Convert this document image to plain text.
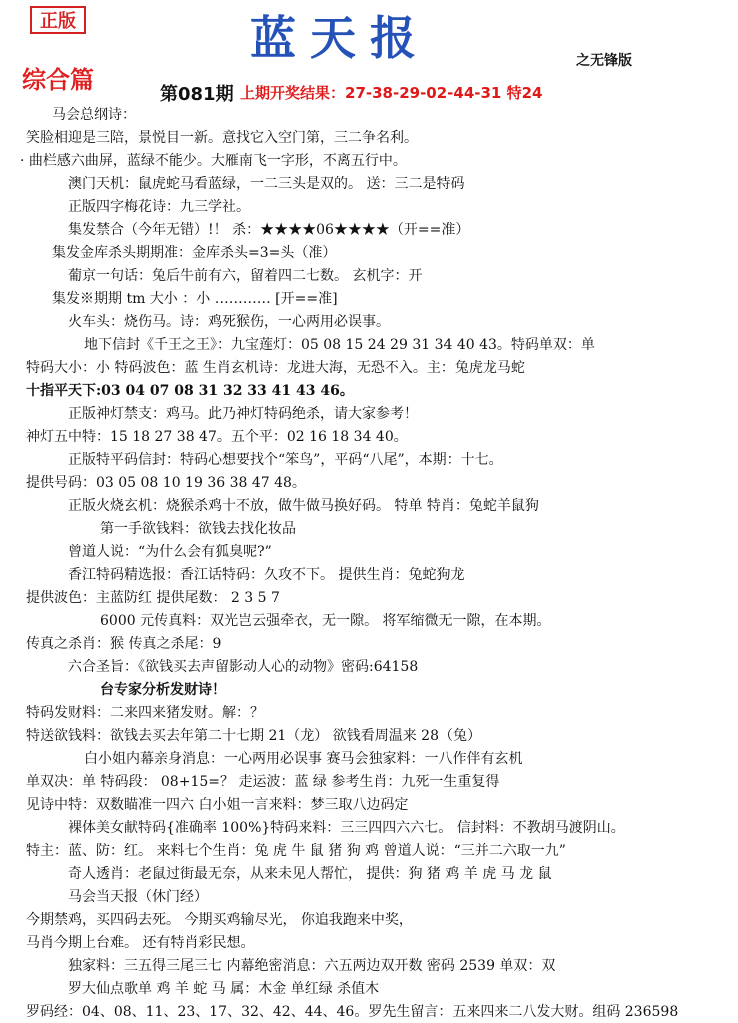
正版	蓝天报	之无锋版
综合篇
第081期 上期开奖结果：27-38-29-02-44-31 特24
马会总纲诗：
笑脸相迎是三陪，景悦目一新。意找它入空门第，三二争名利。
· 曲栏感六曲屏，蓝绿不能少。大雁南飞一字形，不离五行中。
澳门天机：鼠虎蛇马看蓝绿，一二三头是双的。 送：三二是特码
正版四字梅花诗：九三学社。
集发禁合（今年无错）!！ 杀：★★★★06★★★★（开==准）
集发金库杀头期期准：金库杀头=3=头（准）
葡京一句话：兔后牛前有六，留着四二七数。 玄机字：开
集发※期期 tm 大小 ：小 ………… [开==准]
火车头：烧伤马。诗：鸡死猴伤，一心两用必误事。
地下信封《千王之王》：九宝莲灯：05 08 15 24 29 31 34 40 43。特码单双：单
特码大小：小 特码波色：蓝 生肖玄机诗：龙进大海，无恐不入。主：兔虎龙马蛇
十指平天下:03 04 07 08 31 32 33 41 43 46。
正版神灯禁支：鸡马。此乃神灯特码绝杀，请大家参考！
神灯五中特：15 18 27 38 47。五个平：02 16 18 34 40。
正版特平码信封：特码心想要找个“笨鸟”，平码“八尾”，本期：十七。
提供号码：03 05 08 10 19 36 38 47 48。
正版火烧玄机：烧猴杀鸡十不放，做牛做马换好码。 特单 特肖：兔蛇羊鼠狗
第一手欲钱料：欲钱去找化妆品
曾道人说：“为什么会有狐臭呢?”
香江特码精选报：香江话特码：久攻不下。 提供生肖：兔蛇狗龙
提供波色：主蓝防红 提供尾数： 2 3 5 7
6000 元传真料：双光岂云强牵衣，无一隙。 将军缩微无一隙，在本期。
传真之杀肖：猴 传真之杀尾：9
六合圣旨：《欲钱买去声留影动人心的动物》密码:64158
台专家分析发财诗！
特码发财料：二来四来猪发财。解：？
特送欲钱料：欲钱去买去年第二十七期 21（龙） 欲钱看周温来 28（兔）
白小姐内幕亲身消息：一心两用必误事 赛马会独家料：一八作伴有玄机
单双决：单 特码段： 08+15=？ 走运波：蓝 绿 参考生肖：九死一生重复得
见诗中特：双数瞄准一四六 白小姐一言来料：梦三取八边码定
裸体美女献特码{准确率 100%}特码来料：三三四四六六七。 信封料：不教胡马渡阴山。
特主：蓝、防：红。 来料七个生肖：兔 虎 牛 鼠 猪 狗 鸡 曾道人说：“三并二六取一九”
奇人透肖：老鼠过街最无奈，从来未见人帮忙， 提供：狗 猪 鸡 羊 虎 马 龙 鼠
马会当天报（休门经）
今期禁鸡，买四码去死。 今期买鸡输尽光， 你追我跑来中奖，
马肖今期上台难。 还有特肖彩民想。
独家料：三五得三尾三七 内幕绝密消息：六五两边双开数 密码 2539 单双：双
罗大仙点歌单 鸡 羊 蛇 马 属：木金 单红绿 杀值木
罗码经：04、08、11、23、17、32、42、44、46。罗先生留言：五来四来二八发大财。组码 236598
